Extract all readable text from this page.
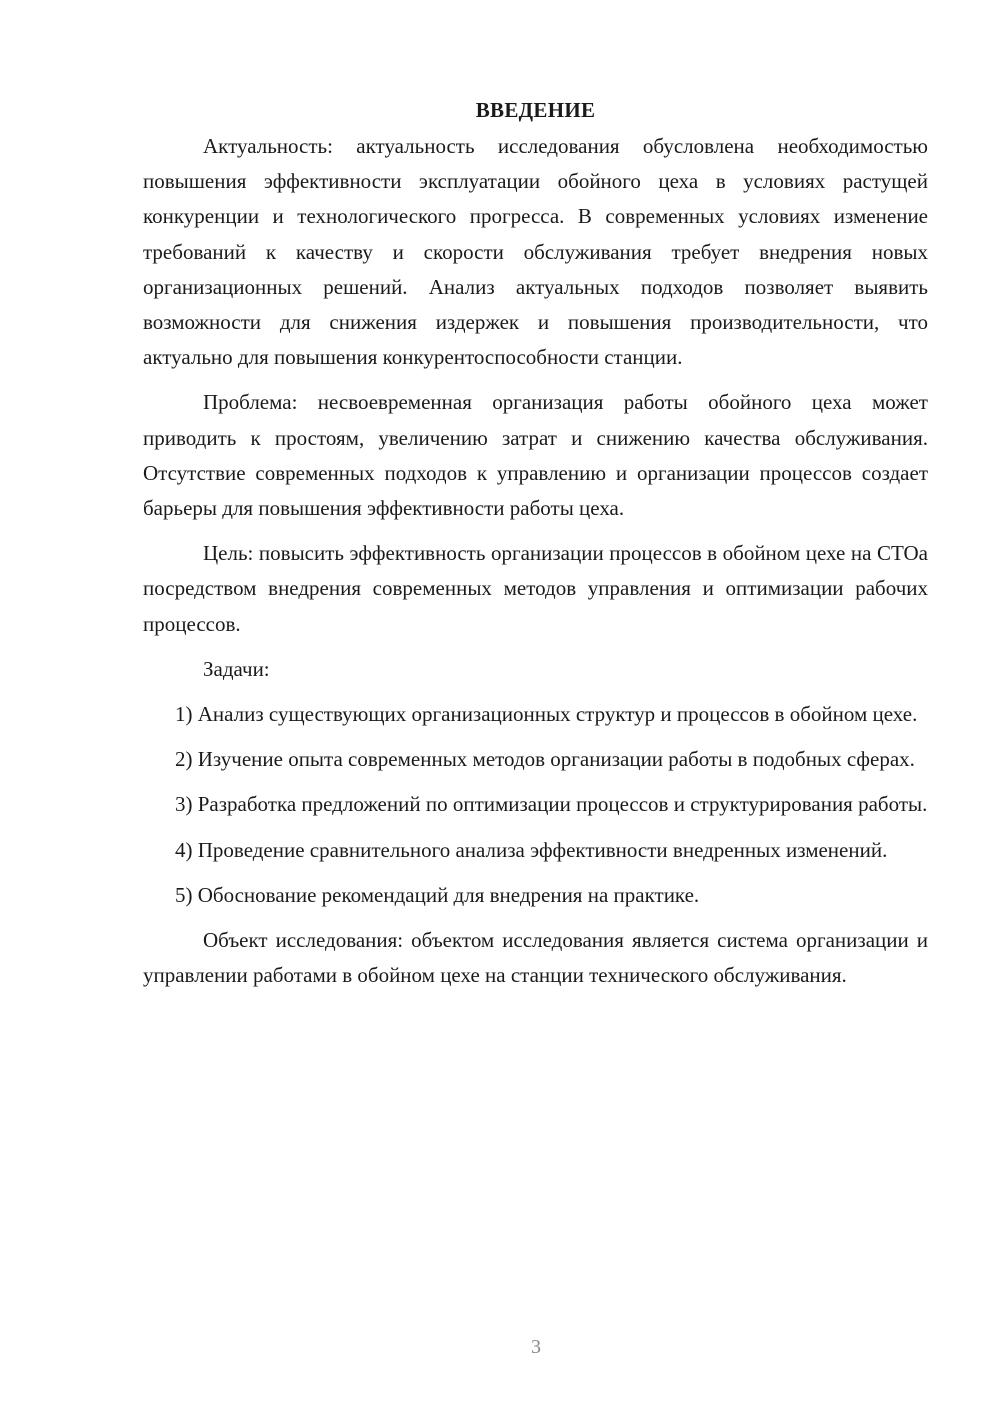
ВВЕДЕНИЕ

Актуальность: актуальность исследования обусловлена необходимостью повышения эффективности эксплуатации обойного цеха в условиях растущей конкуренции и технологического прогресса. В современных условиях изменение требований к качеству и скорости обслуживания требует внедрения новых организационных решений. Анализ актуальных подходов позволяет выявить возможности для снижения издержек и повышения производительности, что актуально для повышения конкурентоспособности станции.

Проблема: несвоевременная организация работы обойного цеха может приводить к простоям, увеличению затрат и снижению качества обслуживания. Отсутствие современных подходов к управлению и организации процессов создает барьеры для повышения эффективности работы цеха.

Цель: повысить эффективность организации процессов в обойном цехе на СТОа посредством внедрения современных методов управления и оптимизации рабочих процессов.

Задачи:

1) Анализ существующих организационных структур и процессов в обойном цехе.

2) Изучение опыта современных методов организации работы в подобных сферах.

3) Разработка предложений по оптимизации процессов и структурирования работы.

4) Проведение сравнительного анализа эффективности внедренных изменений.

5) Обоснование рекомендаций для внедрения на практике.

Объект исследования: объектом исследования является система организации и управлении работами в обойном цехе на станции технического обслуживания.

3
